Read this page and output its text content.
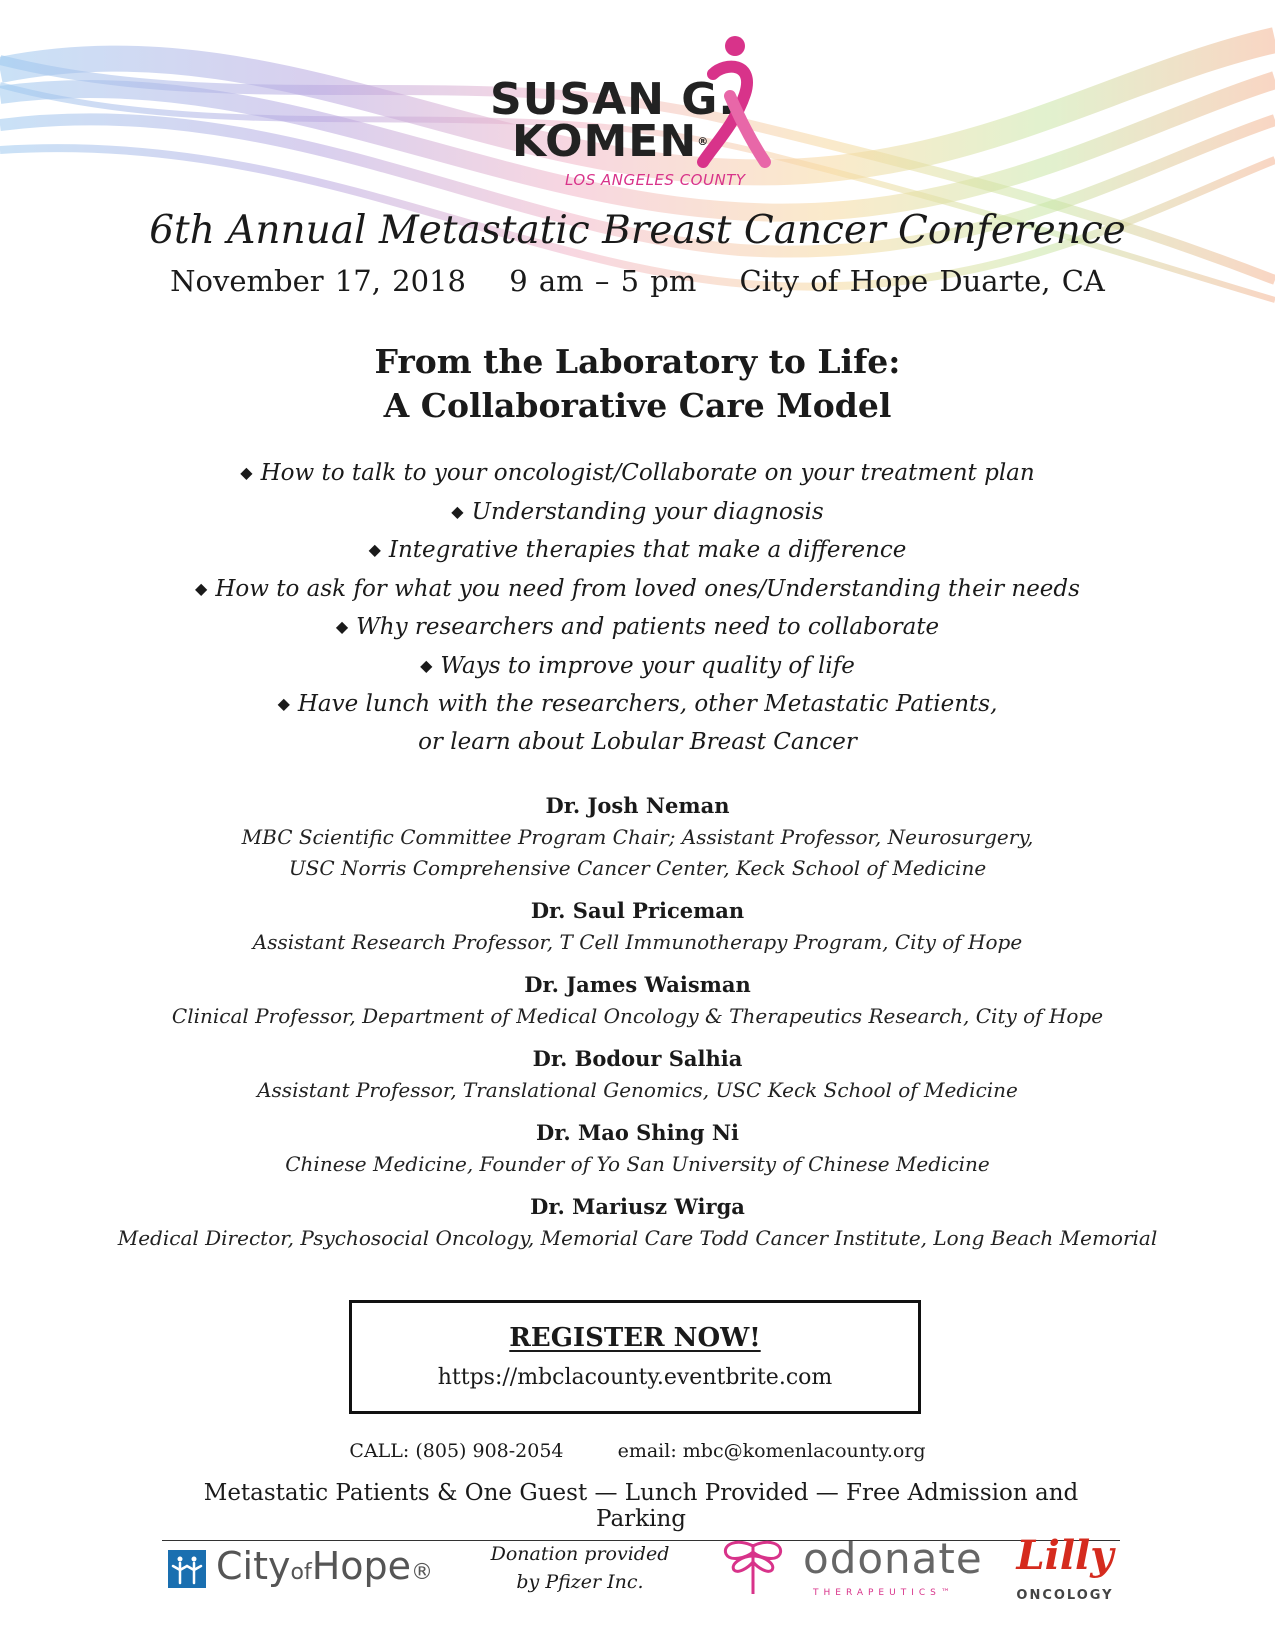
SUSAN G.
KOMEN®
LOS ANGELES COUNTY
6th Annual Metastatic Breast Cancer Conference
November 17, 2018 9 am – 5 pm City of Hope Duarte, CA
From the Laboratory to Life:
A Collaborative Care Model
◆ How to talk to your oncologist/Collaborate on your treatment plan
◆ Understanding your diagnosis
◆ Integrative therapies that make a difference
◆ How to ask for what you need from loved ones/Understanding their needs
◆ Why researchers and patients need to collaborate
◆ Ways to improve your quality of life
◆ Have lunch with the researchers, other Metastatic Patients,
or learn about Lobular Breast Cancer
Dr. Josh Neman
MBC Scientific Committee Program Chair; Assistant Professor, Neurosurgery,
USC Norris Comprehensive Cancer Center, Keck School of Medicine
Dr. Saul Priceman
Assistant Research Professor, T Cell Immunotherapy Program, City of Hope
Dr. James Waisman
Clinical Professor, Department of Medical Oncology & Therapeutics Research, City of Hope
Dr. Bodour Salhia
Assistant Professor, Translational Genomics, USC Keck School of Medicine
Dr. Mao Shing Ni
Chinese Medicine, Founder of Yo San University of Chinese Medicine
Dr. Mariusz Wirga
Medical Director, Psychosocial Oncology, Memorial Care Todd Cancer Institute, Long Beach Memorial
REGISTER NOW!
https://mbclacounty.eventbrite.com
CALL: (805) 908-2054	email: mbc@komenlacounty.org
Metastatic Patients & One Guest — Lunch Provided — Free Admission and Parking
CityofHope®
Donation provided
by Pfizer Inc.	odonate
THERAPEUTICS™
Lilly
ONCOLOGY
